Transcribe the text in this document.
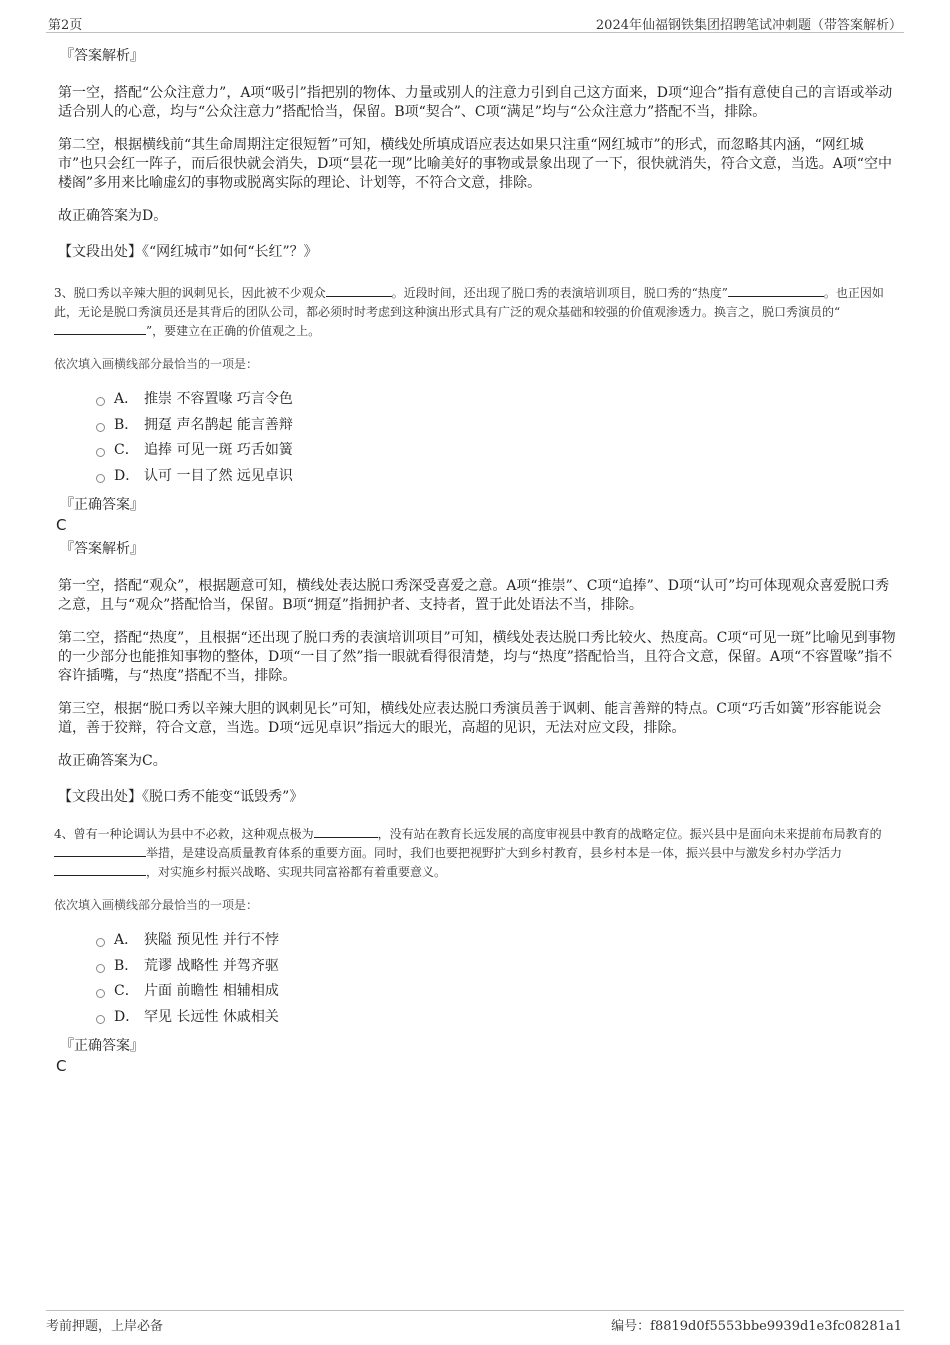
第2页	2024年仙福钢铁集团招聘笔试冲刺题（带答案解析）
『答案解析』
第一空，搭配“公众注意力”，A项“吸引”指把别的物体、力量或别人的注意力引到自己这方面来，D项“迎合”指有意使自己的言语或举动适合别人的心意，均与“公众注意力”搭配恰当，保留。B项“契合”、C项“满足”均与“公众注意力”搭配不当，排除。
第二空，根据横线前“其生命周期注定很短暂”可知，横线处所填成语应表达如果只注重“网红城市”的形式，而忽略其内涵，“网红城市”也只会红一阵子，而后很快就会消失，D项“昙花一现”比喻美好的事物或景象出现了一下，很快就消失，符合文意，当选。A项“空中楼阁”多用来比喻虚幻的事物或脱离实际的理论、计划等，不符合文意，排除。
故正确答案为D。
【文段出处】《“网红城市”如何“长红”？》
3、脱口秀以辛辣大胆的讽刺见长，因此被不少观众	。近段时间，还出现了脱口秀的表演培训项目，脱口秀的“热度”	。也正因如此，无论是脱口秀演员还是其背后的团队公司，都必须时时考虑到这种演出形式具有广泛的观众基础和较强的价值观渗透力。换言之，脱口秀演员的“”，要建立在正确的价值观之上。
依次填入画横线部分最恰当的一项是：
A． 推崇 不容置喙 巧言令色
B． 拥趸 声名鹊起 能言善辩
C． 追捧 可见一斑 巧舌如簧
D． 认可 一目了然 远见卓识
『正确答案』
C
『答案解析』
第一空，搭配“观众”，根据题意可知，横线处表达脱口秀深受喜爱之意。A项“推崇”、C项“追捧”、D项“认可”均可体现观众喜爱脱口秀之意，且与“观众”搭配恰当，保留。B项“拥趸”指拥护者、支持者，置于此处语法不当，排除。
第二空，搭配“热度”，且根据“还出现了脱口秀的表演培训项目”可知，横线处表达脱口秀比较火、热度高。C项“可见一斑”比喻见到事物的一少部分也能推知事物的整体，D项“一目了然”指一眼就看得很清楚，均与“热度”搭配恰当，且符合文意，保留。A项“不容置喙”指不容许插嘴，与“热度”搭配不当，排除。
第三空，根据“脱口秀以辛辣大胆的讽刺见长”可知，横线处应表达脱口秀演员善于讽刺、能言善辩的特点。C项“巧舌如簧”形容能说会道，善于狡辩，符合文意，当选。D项“远见卓识”指远大的眼光，高超的见识，无法对应文段，排除。
故正确答案为C。
【文段出处】《脱口秀不能变“诋毁秀”》
4、曾有一种论调认为县中不必救，这种观点极为	，没有站在教育长远发展的高度审视县中教育的战略定位。振兴县中是面向未来提前布局教育的举措，是建设高质量教育体系的重要方面。同时，我们也要把视野扩大到乡村教育，县乡村本是一体，振兴县中与激发乡村办学活力，对实施乡村振兴战略、实现共同富裕都有着重要意义。
依次填入画横线部分最恰当的一项是：
A． 狭隘 预见性 并行不悖
B． 荒谬 战略性 并驾齐驱
C． 片面 前瞻性 相辅相成
D． 罕见 长远性 休戚相关
『正确答案』
C
考前押题，上岸必备	编号：f8819d0f5553bbe9939d1e3fc08281a1
